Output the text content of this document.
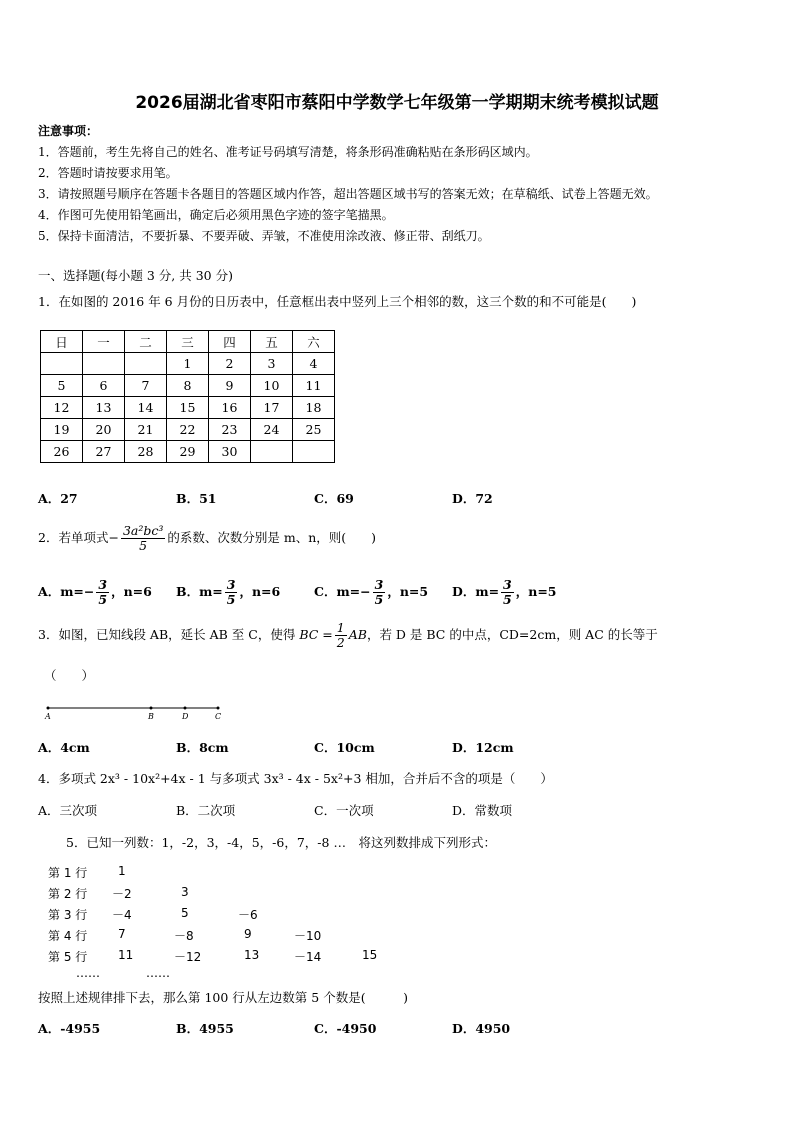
2026届湖北省枣阳市蔡阳中学数学七年级第一学期期末统考模拟试题
注意事项：
1．答题前，考生先将自己的姓名、准考证号码填写清楚，将条形码准确粘贴在条形码区域内。
2．答题时请按要求用笔。
3．请按照题号顺序在答题卡各题目的答题区域内作答，超出答题区域书写的答案无效；在草稿纸、试卷上答题无效。
4．作图可先使用铅笔画出，确定后必须用黑色字迹的签字笔描黑。
5．保持卡面清洁，不要折暴、不要弄破、弄皱，不准使用涂改液、修正带、刮纸刀。
一、选择题(每小题 3 分, 共 30 分)
1．在如图的 2016 年 6 月份的日历表中，任意框出表中竖列上三个相邻的数，这三个数的和不可能是(　　)
日	一	二	三	四	五	六
			1	2	3	4
5	6	7	8	9	10	11
12	13	14	15	16	17	18
19	20	21	22	23	24	25
26	27	28	29	30		
A．27	B．51	C．69	D．72
2．若单项式− $\frac{\text{3a²bc³}}{5}$ 的系数、次数分别是 m、n，则(　　)
A．$m=- \frac{3}{5}$ ，n=6 B．$m= \frac{3}{5}$ ，n=6	C．$m=- \frac{3}{5}$ ，n=5 D．$m= \frac{3}{5}$ ，n=5
3．如图，已知线段 AB，延长 AB 至 C，使得 BC = $\frac{1}{2}$ AB，若 D 是 BC 的中点，CD=2cm，则 AC 的长等于
（　　）
A	B	D	C
A．4cm	B．8cm	C．10cm	D．12cm
4．多项式 2x³ - 10x²+4x - 1 与多项式 3x³ - 4x - 5x²+3 相加，合并后不含的项是（　　）
A．三次项	B．二次项	C．一次项	D．常数项
5．已知一列数：1，-2，3，-4，5，-6，7，-8 …　将这列数排成下列形式：
第 1 行	1
第 2 行 －2	3
第 3 行 －4	5	－6
第 4 行	7	－8	9	－10
第 5 行	11	－12	13	－14	15
……	……
按照上述规律排下去，那么第 100 行从左边数第 5 个数是(　　　)
A．-4955	B．4955	C．-4950	D．4950
